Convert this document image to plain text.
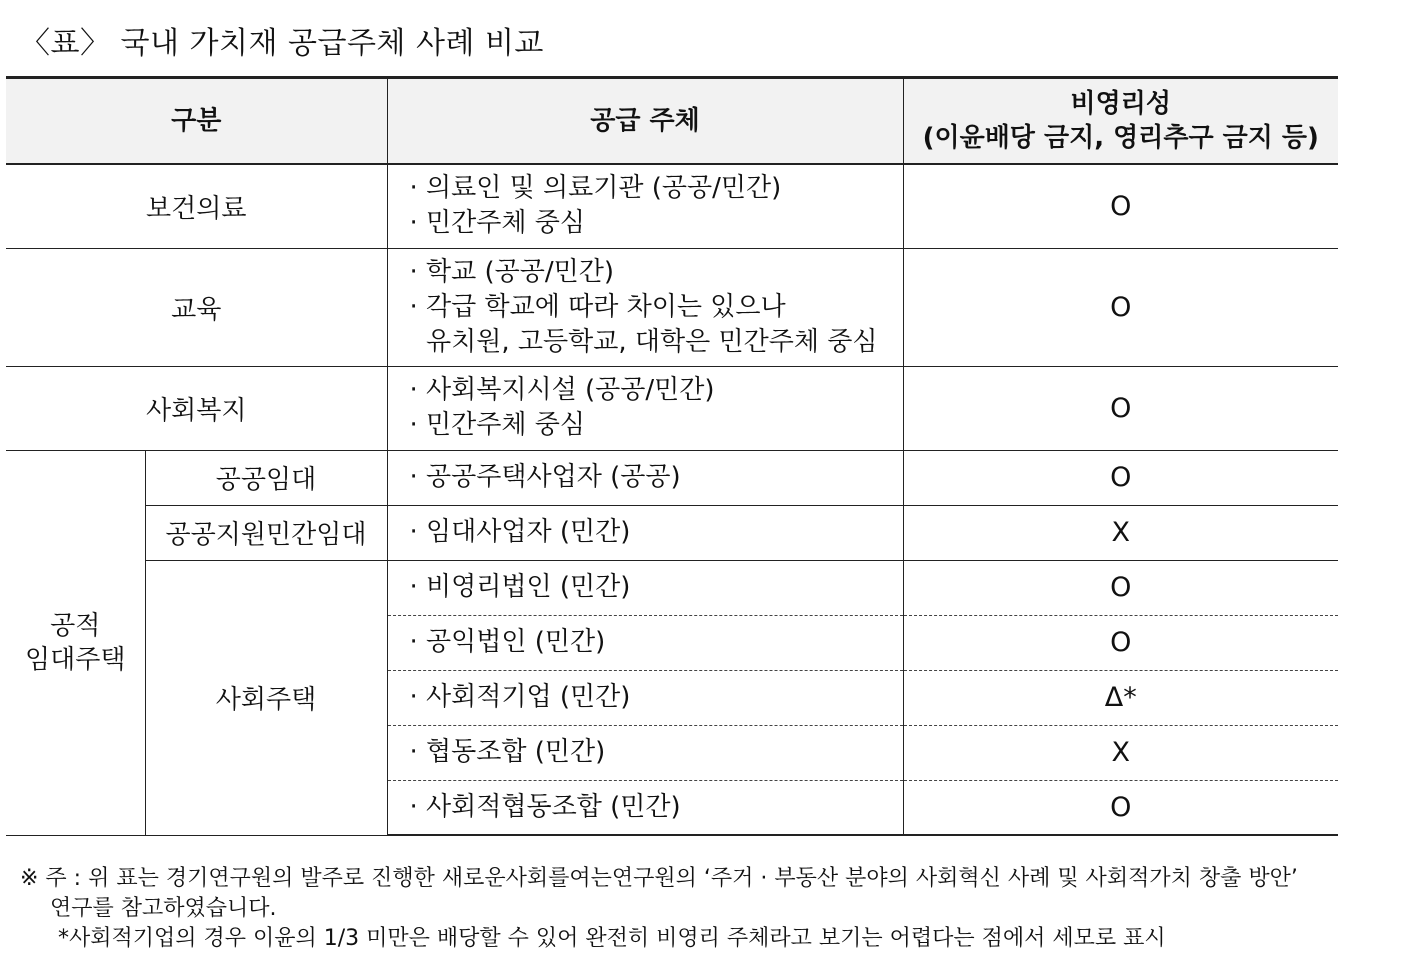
〈표〉 국내 가치재 공급주체 사례 비교
구분		공급 주체	비영리성
(이윤배당 금지, 영리추구 금지 등)

보건의료		· 의료인 및 의료기관 (공공/민간)
· 민간주체 중심	O
교육		· 학교 (공공/민간)
· 각급 학교에 따라 차이는 있으나
유치원, 고등학교, 대학은 민간주체 중심	O
사회복지		· 사회복지시설 (공공/민간)
· 민간주체 중심	O

공적
임대주택	공공임대	· 공공주택사업자 (공공)	O
	공공지원민간임대	· 임대사업자 (민간)	X
	사회주택	· 비영리법인 (민간)	O
		· 공익법인 (민간)	O
		· 사회적기업 (민간)	Δ*
		· 협동조합 (민간)	X
		· 사회적협동조합 (민간)	O
※ 주 : 위 표는 경기연구원의 발주로 진행한 새로운사회를여는연구원의 ‘주거 · 부동산 분야의 사회혁신 사례 및 사회적가치 창출 방안’
연구를 참고하였습니다.
*사회적기업의 경우 이윤의 1/3 미만은 배당할 수 있어 완전히 비영리 주체라고 보기는 어렵다는 점에서 세모로 표시
